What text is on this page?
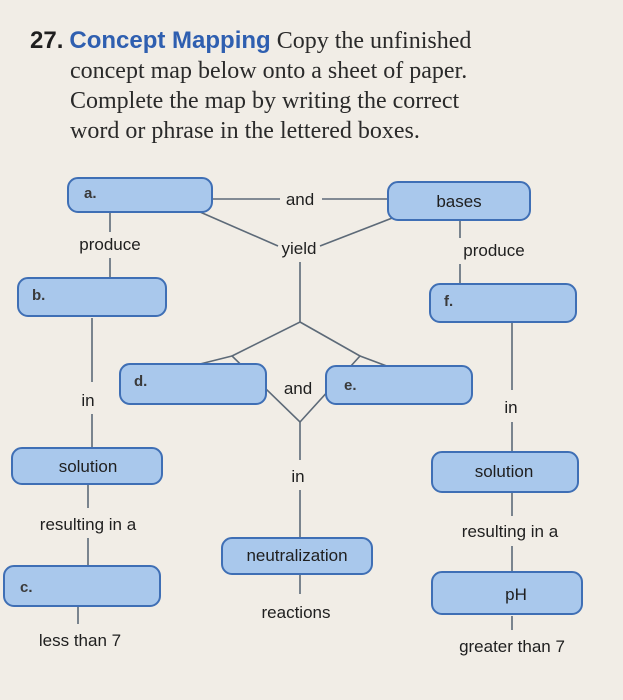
27. Concept Mapping Copy the unfinished
concept map below onto a sheet of paper.
Complete the map by writing the correct
word or phrase in the lettered boxes.
a.	bases
b.	f.
d.	e.
solution	solution
neutralization
c.	pH
and
produce	yield	produce
in
and
in
in
resulting in a	resulting in a
reactions
less than 7	greater than 7
